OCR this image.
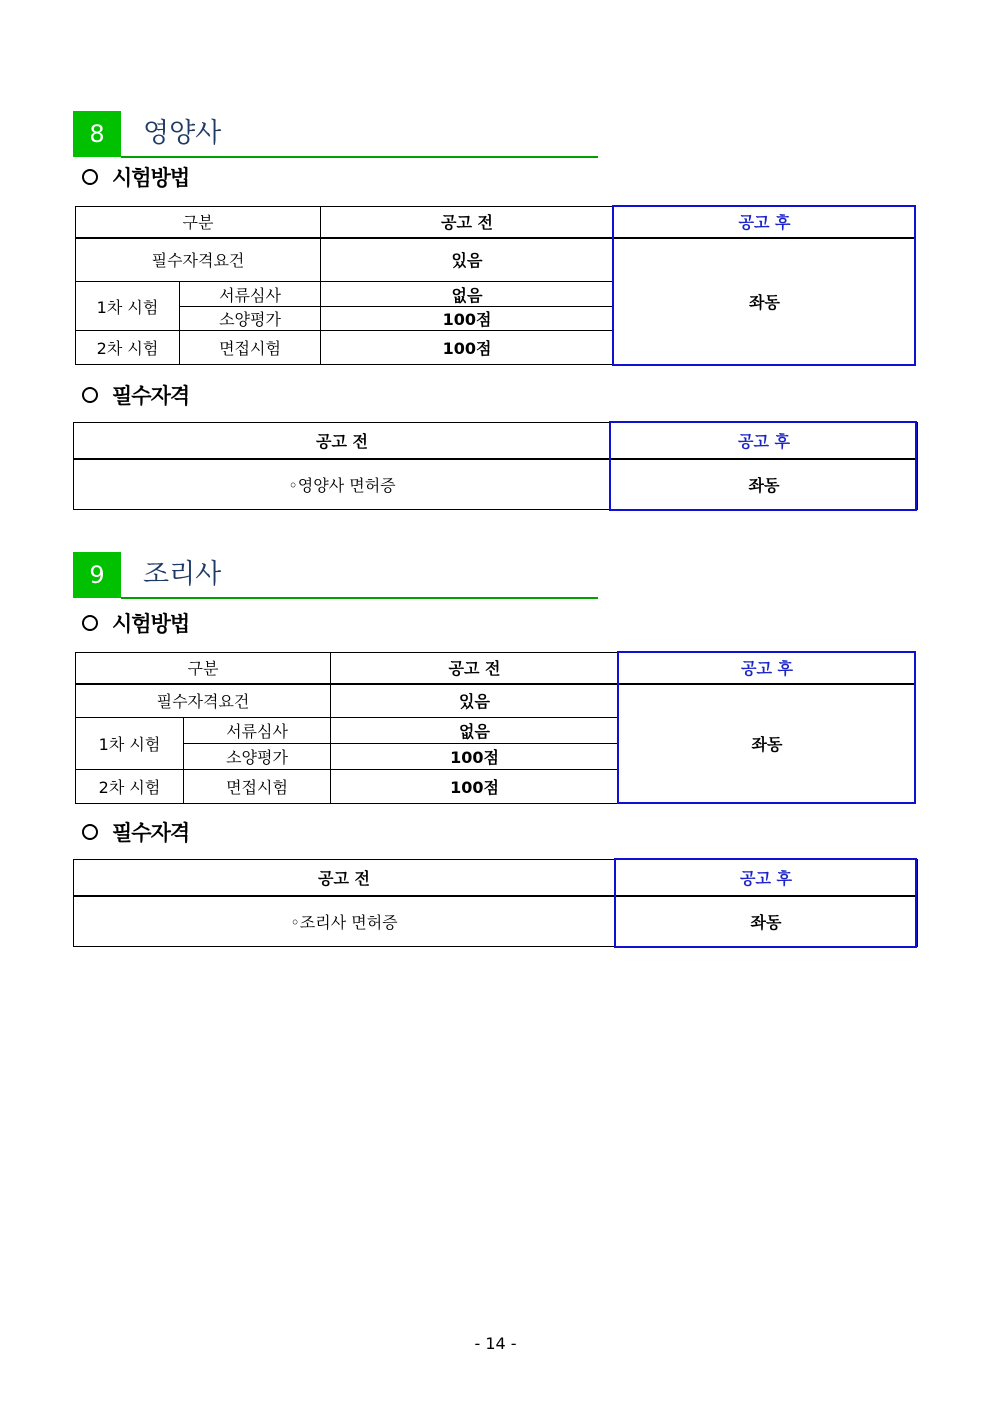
8	영양사
시험방법
구분		공고 전	공고 후
필수자격요건		있음	좌동
1차 시험	서류심사	없음	
	소양평가	100점	
2차 시험	면접시험	100점	
필수자격
공고 전	공고 후
◦영양사 면허증	좌동
9	조리사
시험방법
구분		공고 전	공고 후
필수자격요건		있음	좌동
1차 시험	서류심사	없음	
	소양평가	100점	
2차 시험	면접시험	100점	
필수자격
공고 전	공고 후
◦조리사 면허증	좌동
- 14 -
